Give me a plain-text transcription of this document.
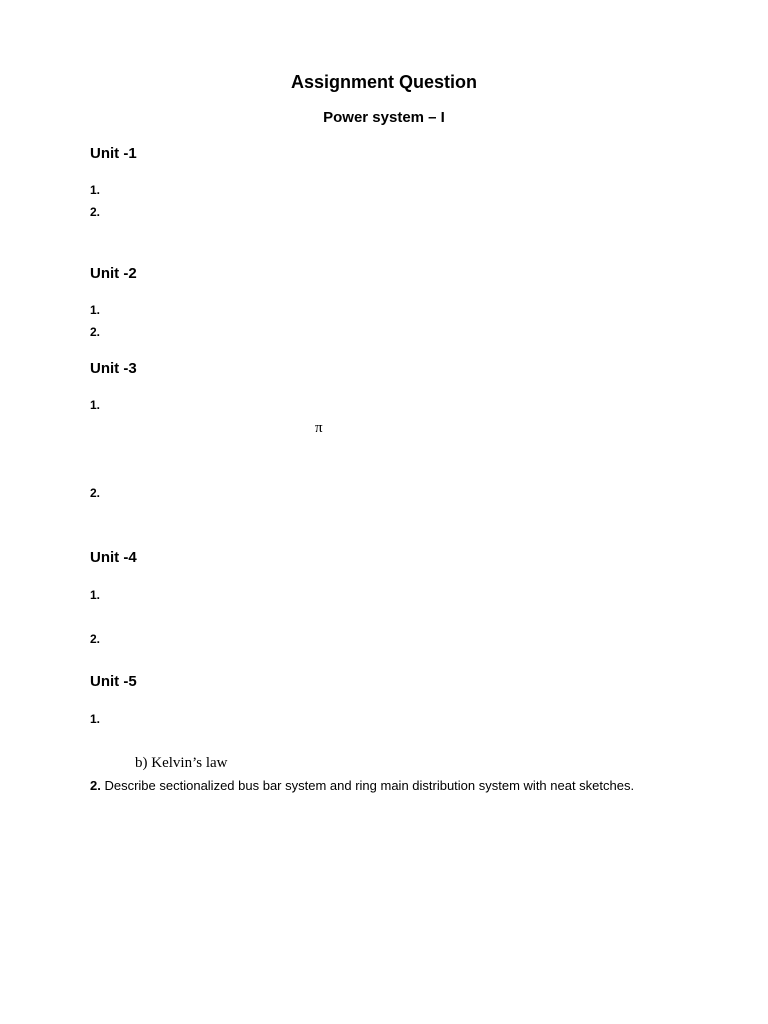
Assignment Question
Power system – I
Unit -1
1.
2.
Unit -2
1.
2.
Unit -3
1.
π
2.
Unit -4
1.
2.
Unit -5
1.
b) Kelvin’s law
2. Describe sectionalized bus bar system and ring main distribution system with neat sketches.
